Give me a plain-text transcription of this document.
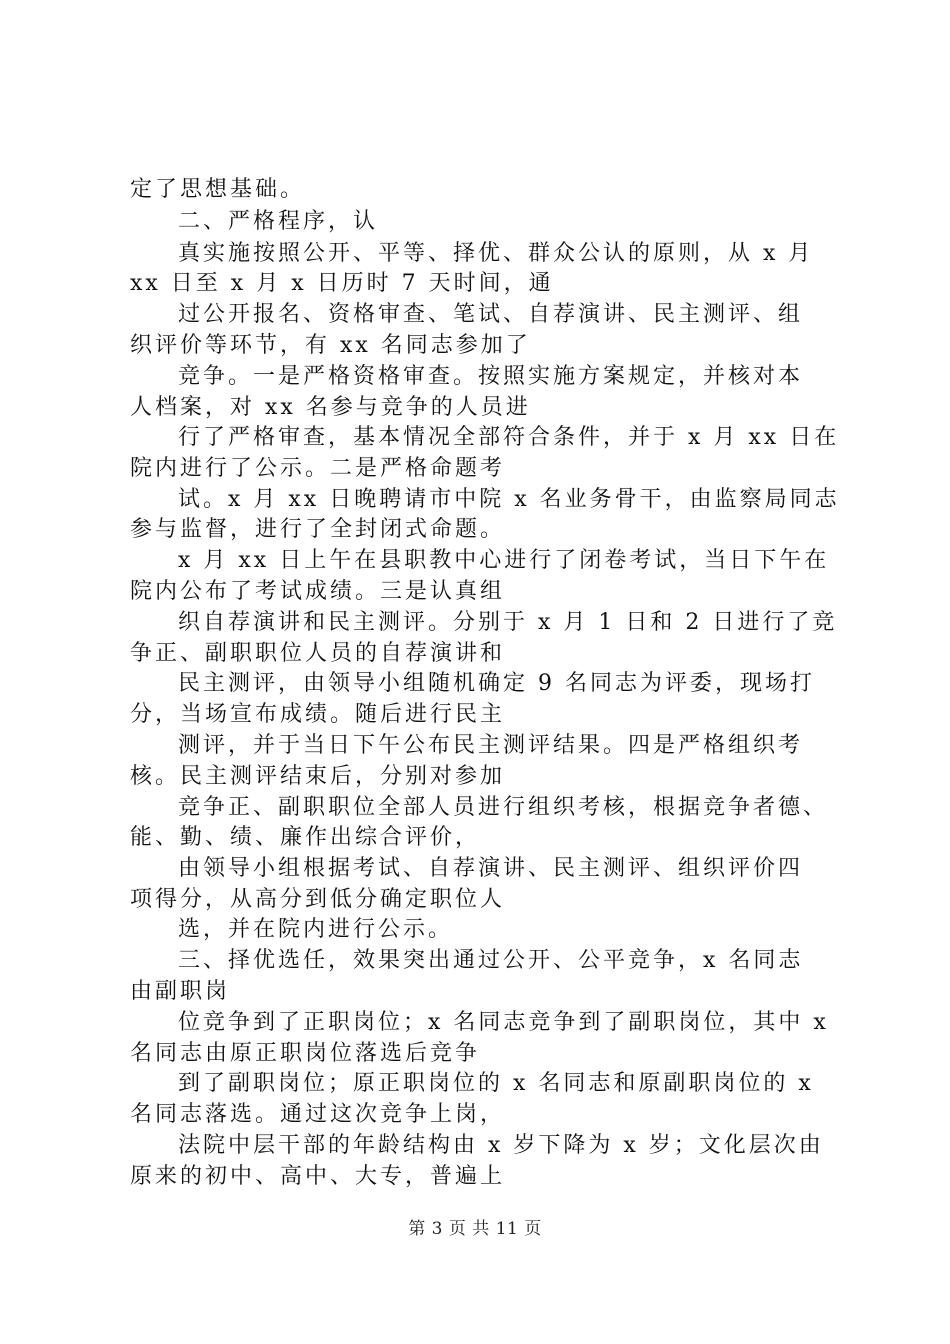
定了思想基础。
二、严格程序，认
真实施按照公开、平等、择优、群众公认的原则，从 x 月
xx 日至 x 月 x 日历时 7 天时间，通
过公开报名、资格审查、笔试、自荐演讲、民主测评、组
织评价等环节，有 xx 名同志参加了
竞争。一是严格资格审查。按照实施方案规定，并核对本
人档案，对 xx 名参与竞争的人员进
行了严格审查，基本情况全部符合条件，并于 x 月 xx 日在
院内进行了公示。二是严格命题考
试。x 月 xx 日晚聘请市中院 x 名业务骨干，由监察局同志
参与监督，进行了全封闭式命题。
x 月 xx 日上午在县职教中心进行了闭卷考试，当日下午在
院内公布了考试成绩。三是认真组
织自荐演讲和民主测评。分别于 x 月 1 日和 2 日进行了竞
争正、副职职位人员的自荐演讲和
民主测评，由领导小组随机确定 9 名同志为评委，现场打
分，当场宣布成绩。随后进行民主
测评，并于当日下午公布民主测评结果。四是严格组织考
核。民主测评结束后，分别对参加
竞争正、副职职位全部人员进行组织考核，根据竞争者德、
能、勤、绩、廉作出综合评价，
由领导小组根据考试、自荐演讲、民主测评、组织评价四
项得分，从高分到低分确定职位人
选，并在院内进行公示。
三、择优选任，效果突出通过公开、公平竞争，x 名同志
由副职岗
位竞争到了正职岗位；x 名同志竞争到了副职岗位，其中 x
名同志由原正职岗位落选后竞争
到了副职岗位；原正职岗位的 x 名同志和原副职岗位的 x
名同志落选。通过这次竞争上岗，
法院中层干部的年龄结构由 x 岁下降为 x 岁；文化层次由
原来的初中、高中、大专，普遍上
第 3 页 共 11 页
